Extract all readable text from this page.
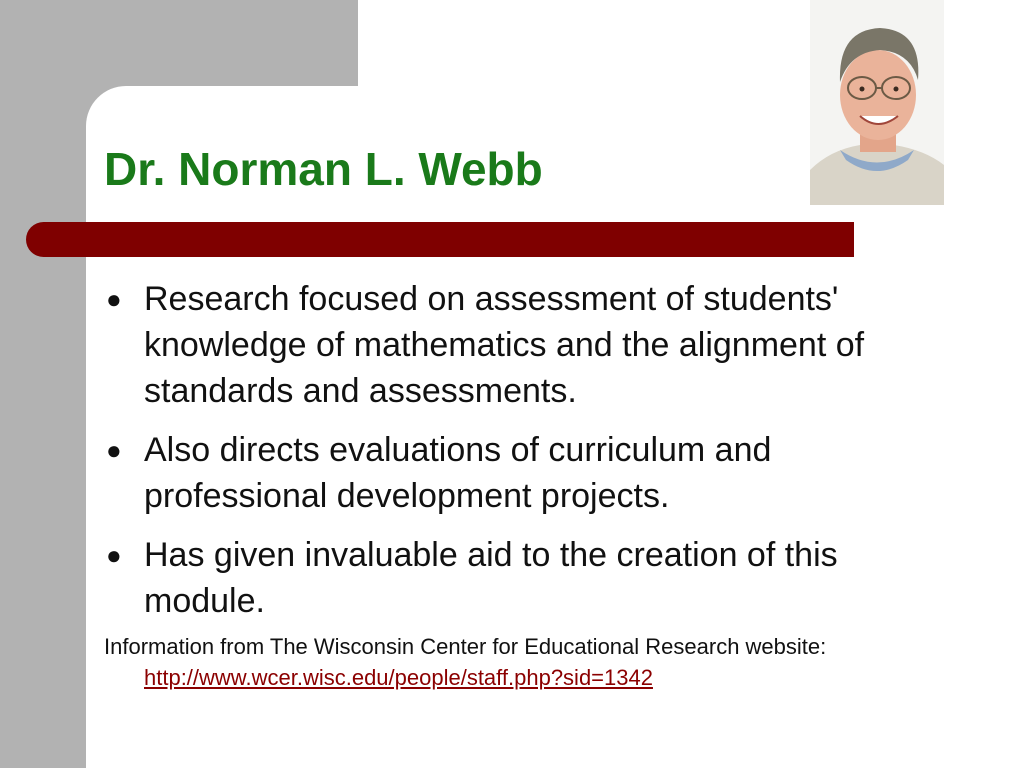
Dr. Norman L. Webb
● Research focused on assessment of students' knowledge of mathematics and the alignment of standards and assessments.
● Also directs evaluations of curriculum and professional development projects.
● Has given invaluable aid to the creation of this module.
Information from The Wisconsin Center for Educational Research website:
http://www.wcer.wisc.edu/people/staff.php?sid=1342
